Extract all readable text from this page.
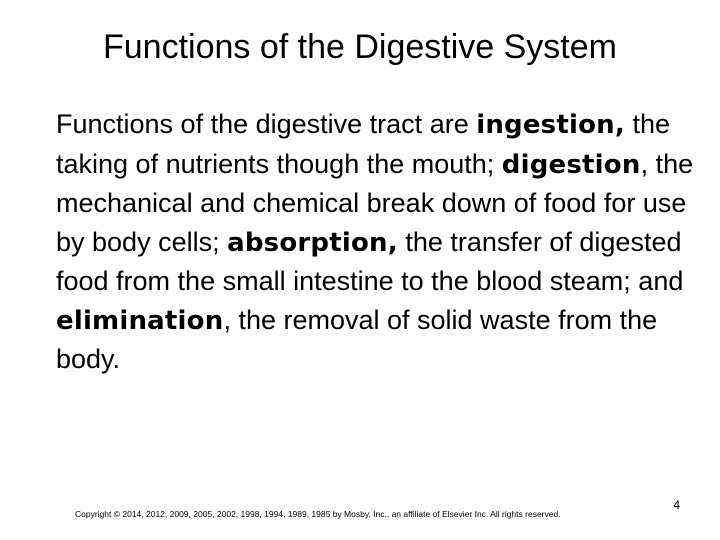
Functions of the Digestive System

Functions of the digestive tract are ingestion, the taking of nutrients though the mouth; digestion, the mechanical and chemical break down of food for use by body cells; absorption, the transfer of digested food from the small intestine to the blood steam; and elimination, the removal of solid waste from the body.

Copyright © 2014, 2012, 2009, 2005, 2002, 1998, 1994, 1989, 1985 by Mosby, Inc., an affiliate of Elsevier Inc. All rights reserved.
4
